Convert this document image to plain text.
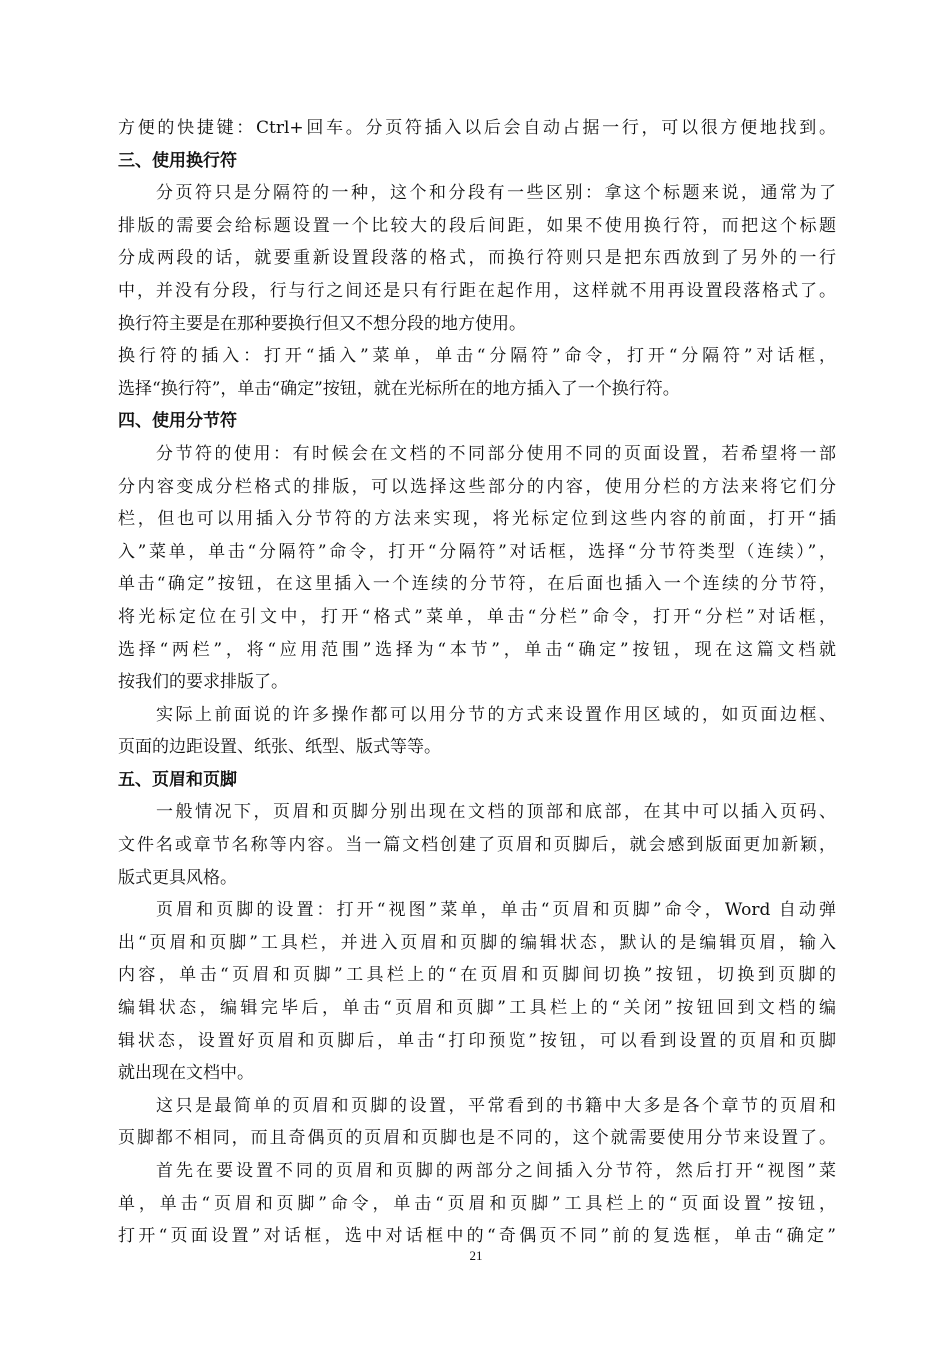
方便的快捷键：Ctrl+回车。分页符插入以后会自动占据一行，可以很方便地找到。
三、使用换行符
分页符只是分隔符的一种，这个和分段有一些区别：拿这个标题来说，通常为了
排版的需要会给标题设置一个比较大的段后间距，如果不使用换行符，而把这个标题
分成两段的话，就要重新设置段落的格式，而换行符则只是把东西放到了另外的一行
中，并没有分段，行与行之间还是只有行距在起作用，这样就不用再设置段落格式了。
换行符主要是在那种要换行但又不想分段的地方使用。
换行符的插入：打开“插入”菜单，单击“分隔符”命令，打开“分隔符”对话框，
选择“换行符”，单击“确定”按钮，就在光标所在的地方插入了一个换行符。
四、使用分节符
分节符的使用：有时候会在文档的不同部分使用不同的页面设置，若希望将一部
分内容变成分栏格式的排版，可以选择这些部分的内容，使用分栏的方法来将它们分
栏，但也可以用插入分节符的方法来实现，将光标定位到这些内容的前面，打开“插
入”菜单，单击“分隔符”命令，打开“分隔符”对话框，选择“分节符类型（连续）”，
单击“确定”按钮，在这里插入一个连续的分节符，在后面也插入一个连续的分节符，
将光标定位在引文中，打开“格式”菜单，单击“分栏”命令，打开“分栏”对话框，
选择“两栏”，将“应用范围”选择为“本节”，单击“确定”按钮，现在这篇文档就
按我们的要求排版了。
实际上前面说的许多操作都可以用分节的方式来设置作用区域的，如页面边框、
页面的边距设置、纸张、纸型、版式等等。
五、页眉和页脚
一般情况下，页眉和页脚分别出现在文档的顶部和底部，在其中可以插入页码、
文件名或章节名称等内容。当一篇文档创建了页眉和页脚后，就会感到版面更加新颖，
版式更具风格。
页眉和页脚的设置：打开“视图”菜单，单击“页眉和页脚”命令，Word 自动弹
出“页眉和页脚”工具栏，并进入页眉和页脚的编辑状态，默认的是编辑页眉，输入
内容，单击“页眉和页脚”工具栏上的“在页眉和页脚间切换”按钮，切换到页脚的
编辑状态，编辑完毕后，单击“页眉和页脚”工具栏上的“关闭”按钮回到文档的编
辑状态，设置好页眉和页脚后，单击“打印预览”按钮，可以看到设置的页眉和页脚
就出现在文档中。
这只是最简单的页眉和页脚的设置，平常看到的书籍中大多是各个章节的页眉和
页脚都不相同，而且奇偶页的页眉和页脚也是不同的，这个就需要使用分节来设置了。
首先在要设置不同的页眉和页脚的两部分之间插入分节符，然后打开“视图”菜
单，单击“页眉和页脚”命令，单击“页眉和页脚”工具栏上的“页面设置”按钮，
打开“页面设置”对话框，选中对话框中的“奇偶页不同”前的复选框，单击“确定”
21
